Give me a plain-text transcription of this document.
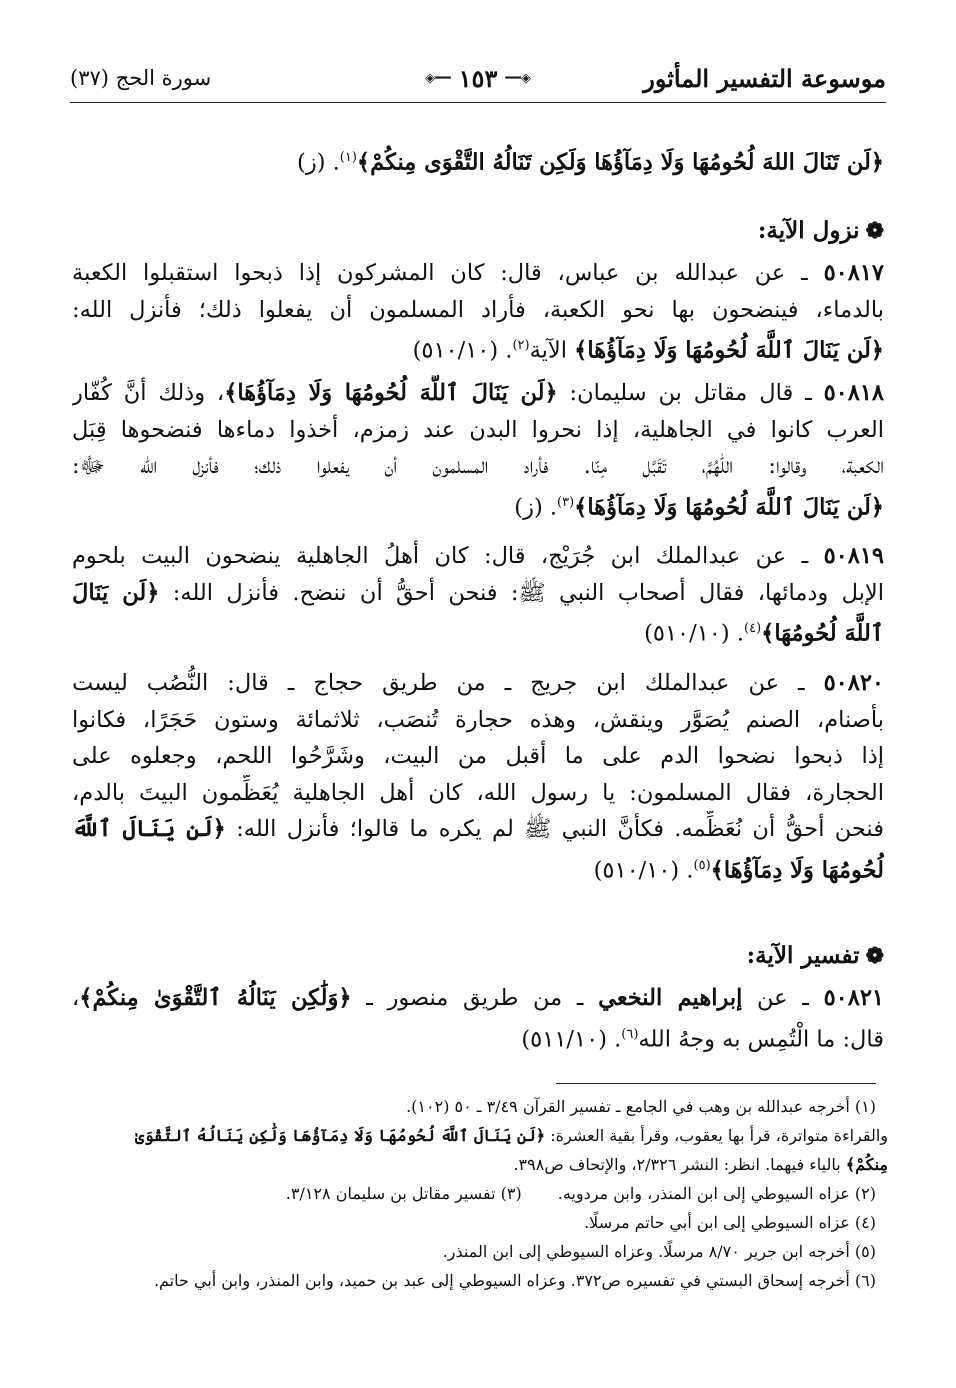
موسوعة التفسير المأثور
◈━━
١٥٣
━━◈
سورة الحج (٣٧)

﴿لَن تَنَالَ اللهَ لُحُومُهَا وَلَا دِمَآؤُهَا وَلَكِن تَنَالُهُ التَّقْوَى مِنكُمْ﴾$^{(١)}$. (ز)

❁نزول الآية:

٥٠٨١٧ ـ عن عبدالله بن عباس، قال: كان المشركون إذا ذبحوا استقبلوا الكعبة

بالدماء، فينضحون بها نحو الكعبة، فأراد المسلمون أن يفعلوا ذلك؛ فأنزل الله:

﴿لَن يَنَالَ ٱللَّهَ لُحُومُهَا وَلَا دِمَآؤُهَا﴾ الآية$^{(٢)}$. (٥١٠/١٠)

٥٠٨١٨ ـ قال مقاتل بن سليمان: ﴿لَن يَنَالَ ٱللَّهَ لُحُومُهَا وَلَا دِمَآؤُهَا﴾، وذلك أنَّ كُفّار

العرب كانوا في الجاهلية، إذا نحروا البدن عند زمزم، أخذوا دماءها فنضحوها قِبَل

الكعبة، وقالوا: اللّٰهُمَّ، تَقَبَّل مِنّا. فأراد المسلمون أن يفعلوا ذلك؛ فأنزل الله ﷻ:

﴿لَن يَنَالَ ٱللَّهَ لُحُومُهَا وَلَا دِمَآؤُهَا﴾$^{(٣)}$. (ز)

٥٠٨١٩ ـ عن عبدالملك ابن جُرَيْج، قال: كان أهلُ الجاهلية ينضحون البيت بلحوم

الإبل ودمائها، فقال أصحاب النبي ﷺ: فنحن أحقُّ أن ننضح. فأنزل الله: ﴿لَن يَنَالَ

ٱللَّهَ لُحُومُهَا﴾$^{(٤)}$. (٥١٠/١٠)

٥٠٨٢٠ ـ عن عبدالملك ابن جريج ـ من طريق حجاج ـ قال: النُّصُب ليست

بأصنام، الصنم يُصَوَّر وينقش، وهذه حجارة تُنصَب، ثلاثمائة وستون حَجَرًا، فكانوا

إذا ذبحوا نضحوا الدم على ما أقبل من البيت، وشَرَّحُوا اللحم، وجعلوه على

الحجارة، فقال المسلمون: يا رسول الله، كان أهل الجاهلية يُعَظِّمون البيتَ بالدم،

فنحن أحقُّ أن نُعَظِّمه. فكأنَّ النبي ﷺ لم يكره ما قالوا؛ فأنزل الله: ﴿لَن يَنَالَ ٱللَّهَ

لُحُومُهَا وَلَا دِمَآؤُهَا﴾$^{(٥)}$. (٥١٠/١٠)

❁تفسير الآية:

٥٠٨٢١ ـ عن إبراهيم النخعي ـ من طريق منصور ـ ﴿وَلَٰكِن يَنَالُهُ ٱلتَّقْوَىٰ مِنكُمْ﴾،

قال: ما الْتُمِس به وجهُ الله$^{(٦)}$. (٥١١/١٠)

(١) أخرجه عبدالله بن وهب في الجامع ـ تفسير القرآن ٣/٤٩ ـ ٥٠ (١٠٢).

والقراءة متواترة، قرأ بها يعقوب، وقرأ بقية العشرة: ﴿لَن يَنَالَ ٱللَّهَ لُحُومُهَا وَلَا دِمَآؤُهَا وَلَٰكِن يَنَالُهُ ٱلتَّقْوَىٰ

مِنكُمْ﴾ بالياء فيهما. انظر: النشر ٢/٣٢٦، والإتحاف ص٣٩٨.

(٢) عزاه السيوطي إلى ابن المنذر، وابن مردويه.
(٣) تفسير مقاتل بن سليمان ٣/١٢٨.

(٤) عزاه السيوطي إلى ابن أبي حاتم مرسلًا.

(٥) أخرجه ابن جرير ٨/٧٠ مرسلًا. وعزاه السيوطي إلى ابن المنذر.

(٦) أخرجه إسحاق البستي في تفسيره ص٣٧٢. وعزاه السيوطي إلى عبد بن حميد، وابن المنذر، وابن أبي حاتم.
